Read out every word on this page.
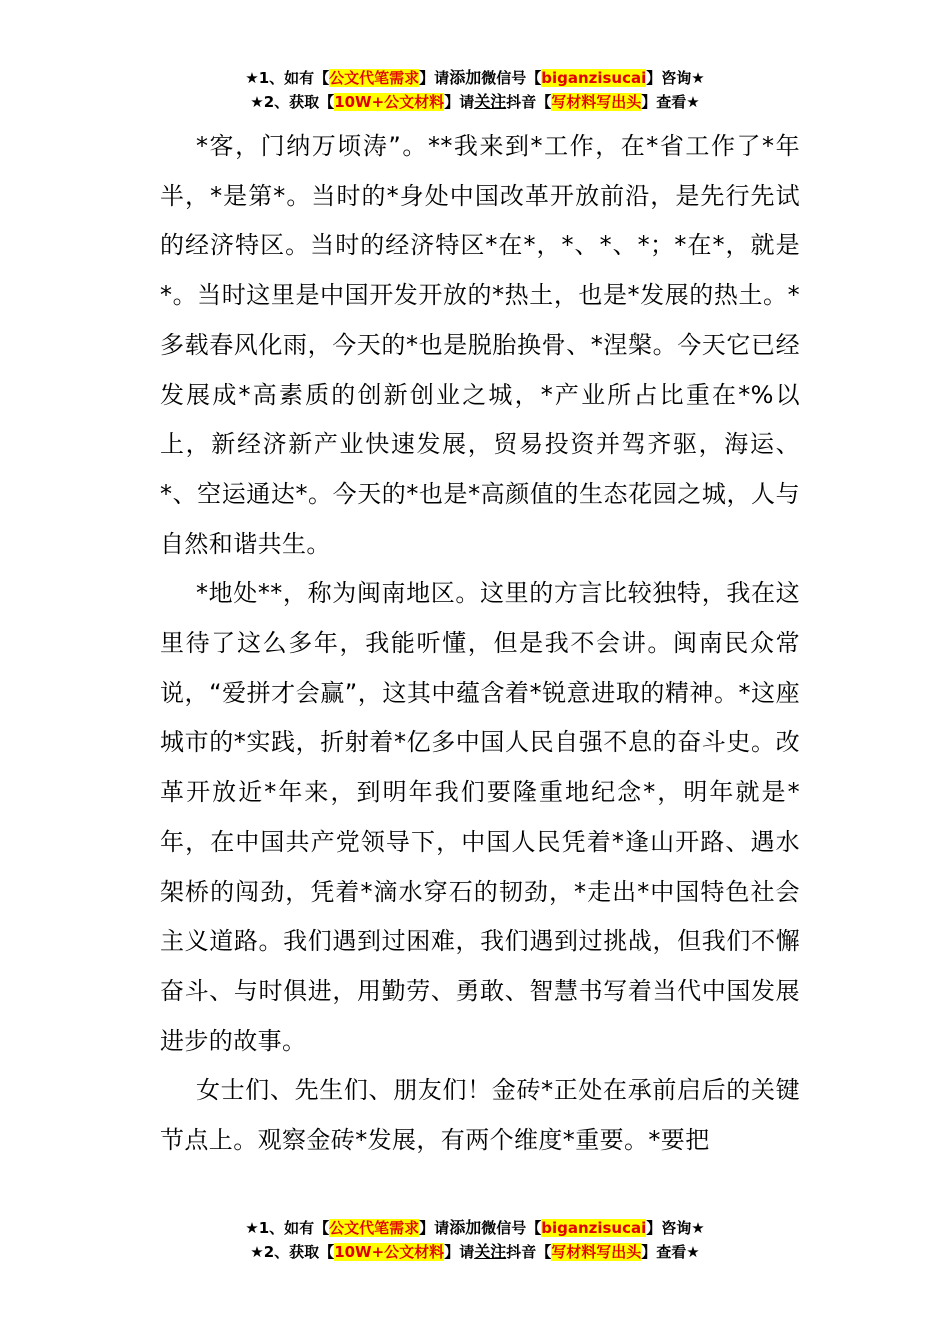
★1、如有【公文代笔需求】请添加微信号【biganzisucai】咨询★
★2、获取【10W+公文材料】请关注抖音【写材料写出头】查看★

*客，门纳万顷涛”。**我来到*工作，在*省工作了*年半，*是第*。当时的*身处中国改革开放前沿，是先行先试的经济特区。当时的经济特区*在*，*、*、*；*在*，就是*。当时这里是中国开发开放的*热土，也是*发展的热土。*多载春风化雨，今天的*也是脱胎换骨、*涅槃。今天它已经发展成*高素质的创新创业之城，*产业所占比重在*%以上，新经济新产业快速发展，贸易投资并驾齐驱，海运、*、空运通达*。今天的*也是*高颜值的生态花园之城，人与自然和谐共生。

*地处**，称为闽南地区。这里的方言比较独特，我在这里待了这么多年，我能听懂，但是我不会讲。闽南民众常说，“爱拼才会赢”，这其中蕴含着*锐意进取的精神。*这座城市的*实践，折射着*亿多中国人民自强不息的奋斗史。改革开放近*年来，到明年我们要隆重地纪念*，明年就是*年，在中国共产党领导下，中国人民凭着*逢山开路、遇水架桥的闯劲，凭着*滴水穿石的韧劲，*走出*中国特色社会主义道路。我们遇到过困难，我们遇到过挑战，但我们不懈奋斗、与时俱进，用勤劳、勇敢、智慧书写着当代中国发展进步的故事。

女士们、先生们、朋友们！金砖*正处在承前启后的关键节点上。观察金砖*发展，有两个维度*重要。*要把

★1、如有【公文代笔需求】请添加微信号【biganzisucai】咨询★
★2、获取【10W+公文材料】请关注抖音【写材料写出头】查看★
